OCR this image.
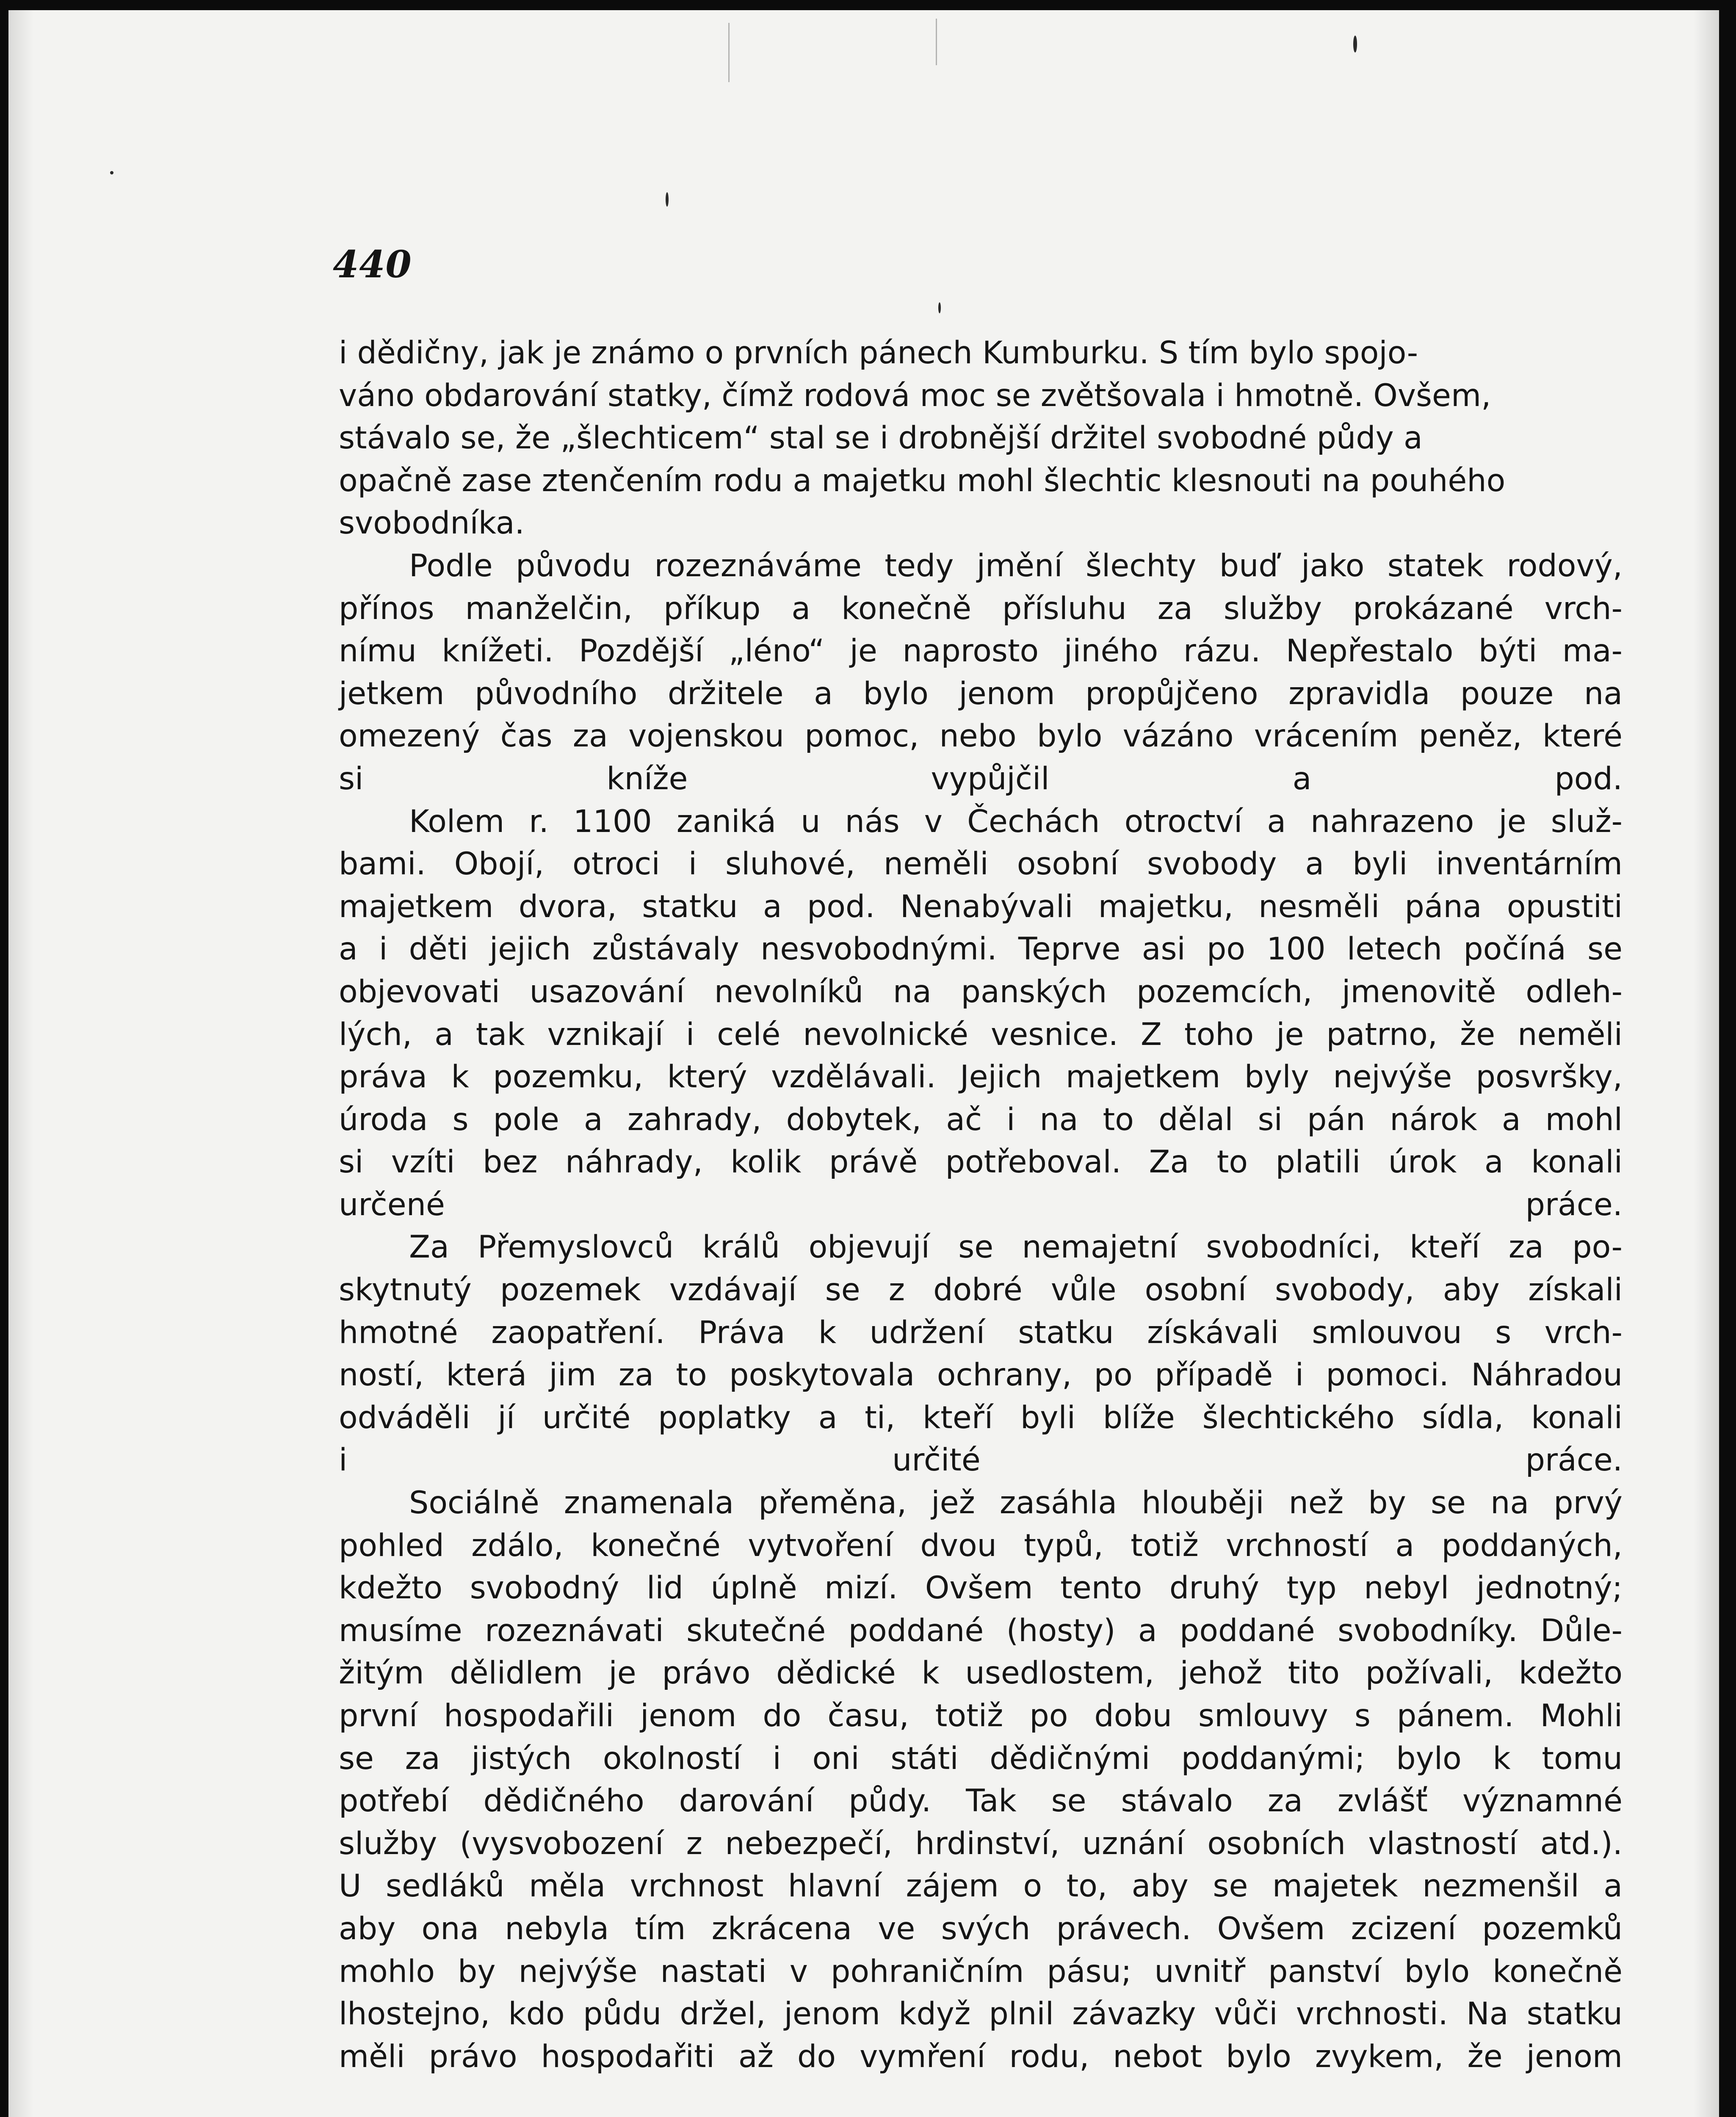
440

i dědičny, jak je známo o prvních pánech Kumburku. S tím bylo spojo-
váno obdarování statky, čímž rodová moc se zvětšovala i hmotně. Ovšem,
stávalo se, že „šlechticem“ stal se i drobnější držitel svobodné půdy a
opačně zase ztenčením rodu a majetku mohl šlechtic klesnouti na pouhého
svobodníka.

Podle původu rozeznáváme tedy jmění šlechty buď jako statek rodový,
přínos manželčin, příkup a konečně přísluhu za služby prokázané vrch-
nímu knížeti. Pozdější „léno“ je naprosto jiného rázu. Nepřestalo býti ma-
jetkem původního držitele a bylo jenom propůjčeno zpravidla pouze na
omezený čas za vojenskou pomoc, nebo bylo vázáno vrácením peněz, které
si kníže vypůjčil a pod.

Kolem r. 1100 zaniká u nás v Čechách otroctví a nahrazeno je služ-
bami. Obojí, otroci i sluhové, neměli osobní svobody a byli inventárním
majetkem dvora, statku a pod. Nenabývali majetku, nesměli pána opustiti
a i děti jejich zůstávaly nesvobodnými. Teprve asi po 100 letech počíná se
objevovati usazování nevolníků na panských pozemcích, jmenovitě odleh-
lých, a tak vznikají i celé nevolnické vesnice. Z toho je patrno, že neměli
práva k pozemku, který vzdělávali. Jejich majetkem byly nejvýše posvršky,
úroda s pole a zahrady, dobytek, ač i na to dělal si pán nárok a mohl
si vzíti bez náhrady, kolik právě potřeboval. Za to platili úrok a konali
určené práce.

Za Přemyslovců králů objevují se nemajetní svobodníci, kteří za po-
skytnutý pozemek vzdávají se z dobré vůle osobní svobody, aby získali
hmotné zaopatření. Práva k udržení statku získávali smlouvou s vrch-
ností, která jim za to poskytovala ochrany, po případě i pomoci. Náhradou
odváděli jí určité poplatky a ti, kteří byli blíže šlechtického sídla, konali
i určité práce.

Sociálně znamenala přeměna, jež zasáhla hlouběji než by se na prvý
pohled zdálo, konečné vytvoření dvou typů, totiž vrchností a poddaných,
kdežto svobodný lid úplně mizí. Ovšem tento druhý typ nebyl jednotný;
musíme rozeznávati skutečné poddané (hosty) a poddané svobodníky. Důle-
žitým dělidlem je právo dědické k usedlostem, jehož tito požívali, kdežto
první hospodařili jenom do času, totiž po dobu smlouvy s pánem. Mohli
se za jistých okolností i oni státi dědičnými poddanými; bylo k tomu
potřebí dědičného darování půdy. Tak se stávalo za zvlášť významné
služby (vysvobození z nebezpečí, hrdinství, uznání osobních vlastností atd.).
U sedláků měla vrchnost hlavní zájem o to, aby se majetek nezmenšil a
aby ona nebyla tím zkrácena ve svých právech. Ovšem zcizení pozemků
mohlo by nejvýše nastati v pohraničním pásu; uvnitř panství bylo konečně
lhostejno, kdo půdu držel, jenom když plnil závazky vůči vrchnosti. Na statku
měli právo hospodařiti až do vymření rodu, nebot bylo zvykem, že jenom
